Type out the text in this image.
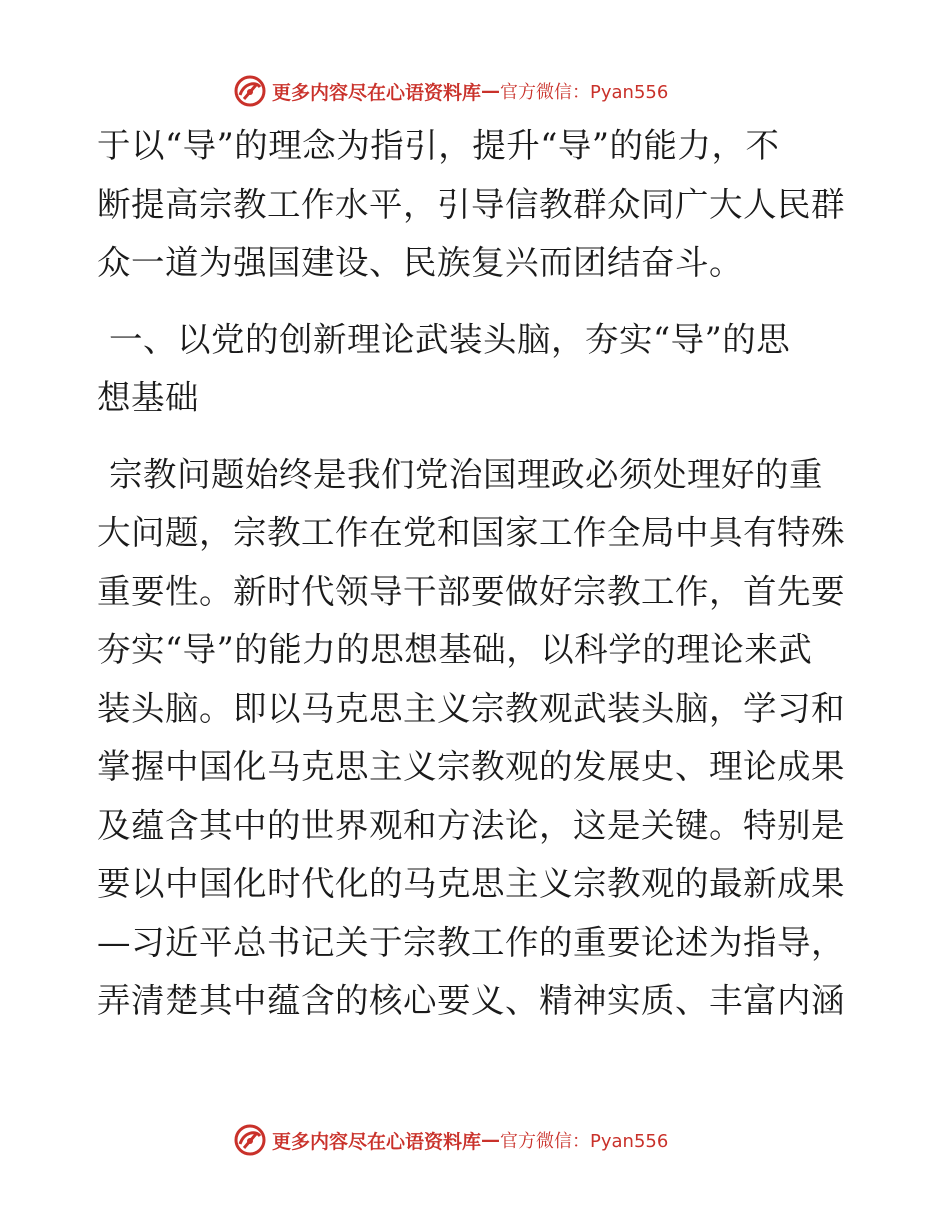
更多内容尽在心语资料库 — 官方微信：Pyan556
于以“导”的理念为指引，提升“导”的能力，不
断提高宗教工作水平，引导信教群众同广大人民群
众一道为强国建设、民族复兴而团结奋斗。
一、以党的创新理论武装头脑，夯实“导”的思
想基础
宗教问题始终是我们党治国理政必须处理好的重
大问题，宗教工作在党和国家工作全局中具有特殊
重要性。新时代领导干部要做好宗教工作，首先要
夯实“导”的能力的思想基础，以科学的理论来武
装头脑。即以马克思主义宗教观武装头脑，学习和
掌握中国化马克思主义宗教观的发展史、理论成果
及蕴含其中的世界观和方法论，这是关键。特别是
要以中国化时代化的马克思主义宗教观的最新成果
—习近平总书记关于宗教工作的重要论述为指导，
弄清楚其中蕴含的核心要义、精神实质、丰富内涵
更多内容尽在心语资料库 — 官方微信：Pyan556
